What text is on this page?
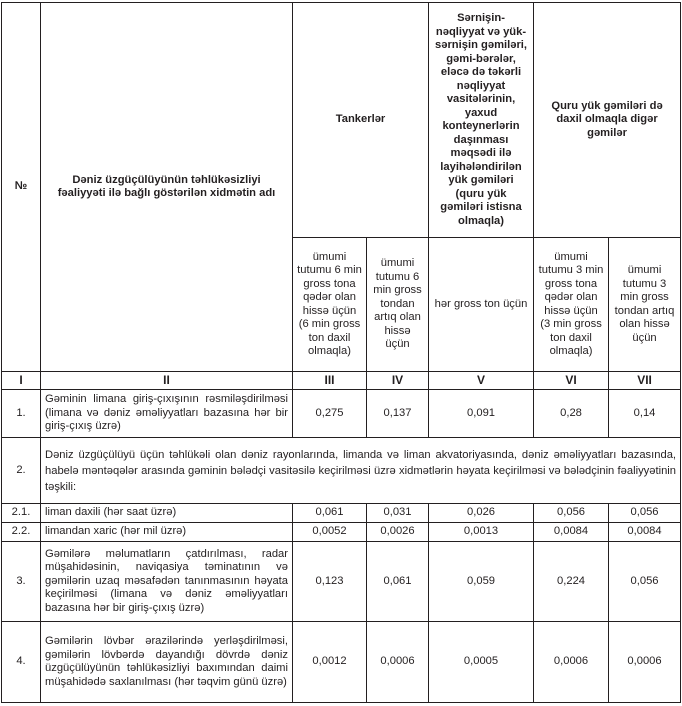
№	Dəniz üzgüçülüyünün təhlükəsizliyi fəaliyyəti ilə bağlı göstərilən xidmətin adı	Tankerlər		Sərnişin-nəqliyyat və yük-sərnişin gəmiləri, gəmi-bərələr, eləcə də təkərli nəqliyyat vasitələrinin, yaxud konteynerlərin daşınması məqsədi ilə layihələndirilən yük gəmiləri (quru yük gəmiləri istisna olmaqla)	Quru yük gəmiləri də daxil olmaqla digər gəmilər	
		ümumi tutumu 6 min gross tona qədər olan hissə üçün (6 min gross ton daxil olmaqla)	ümumi tutumu 6 min gross tondan artıq olan hissə üçün	hər gross ton üçün	ümumi tutumu 3 min gross tona qədər olan hissə üçün (3 min gross ton daxil olmaqla)	ümumi tutumu 3 min gross tondan artıq olan hissə üçün
I	II	III	IV	V	VI	VII
1.	Gəminin limana giriş-çıxışının rəsmiləşdirilməsi (limana və dəniz əməliyyatları bazasına hər bir giriş-çıxış üzrə)	0,275	0,137	0,091	0,28	0,14
2.	Dəniz üzgüçülüyü üçün təhlükəli olan dəniz rayonlarında, limanda və liman akvatoriyasında, dəniz əməliyyatları bazasında, habelə məntəqələr arasında gəminin bələdçi vasitəsilə keçirilməsi üzrə xidmətlərin həyata keçirilməsi və bələdçinin fəaliyyətinin təşkili:					
2.1.	liman daxili (hər saat üzrə)	0,061	0,031	0,026	0,056	0,056
2.2.	limandan xaric (hər mil üzrə)	0,0052	0,0026	0,0013	0,0084	0,0084
3.	Gəmilərə məlumatların çatdırılması, radar müşahidəsinin, naviqasiya təminatının və gəmilərin uzaq məsafədən tanınmasının həyata keçirilməsi (limana və dəniz əməliyyatları bazasına hər bir giriş-çıxış üzrə)	0,123	0,061	0,059	0,224	0,056
4.	Gəmilərin lövbər ərazilərində yerləşdirilməsi, gəmilərin lövbərdə dayandığı dövrdə dəniz üzgüçülüyünün təhlükəsizliyi baxımından daimi müşahidədə saxlanılması (hər təqvim günü üzrə)	0,0012	0,0006	0,0005	0,0006	0,0006
